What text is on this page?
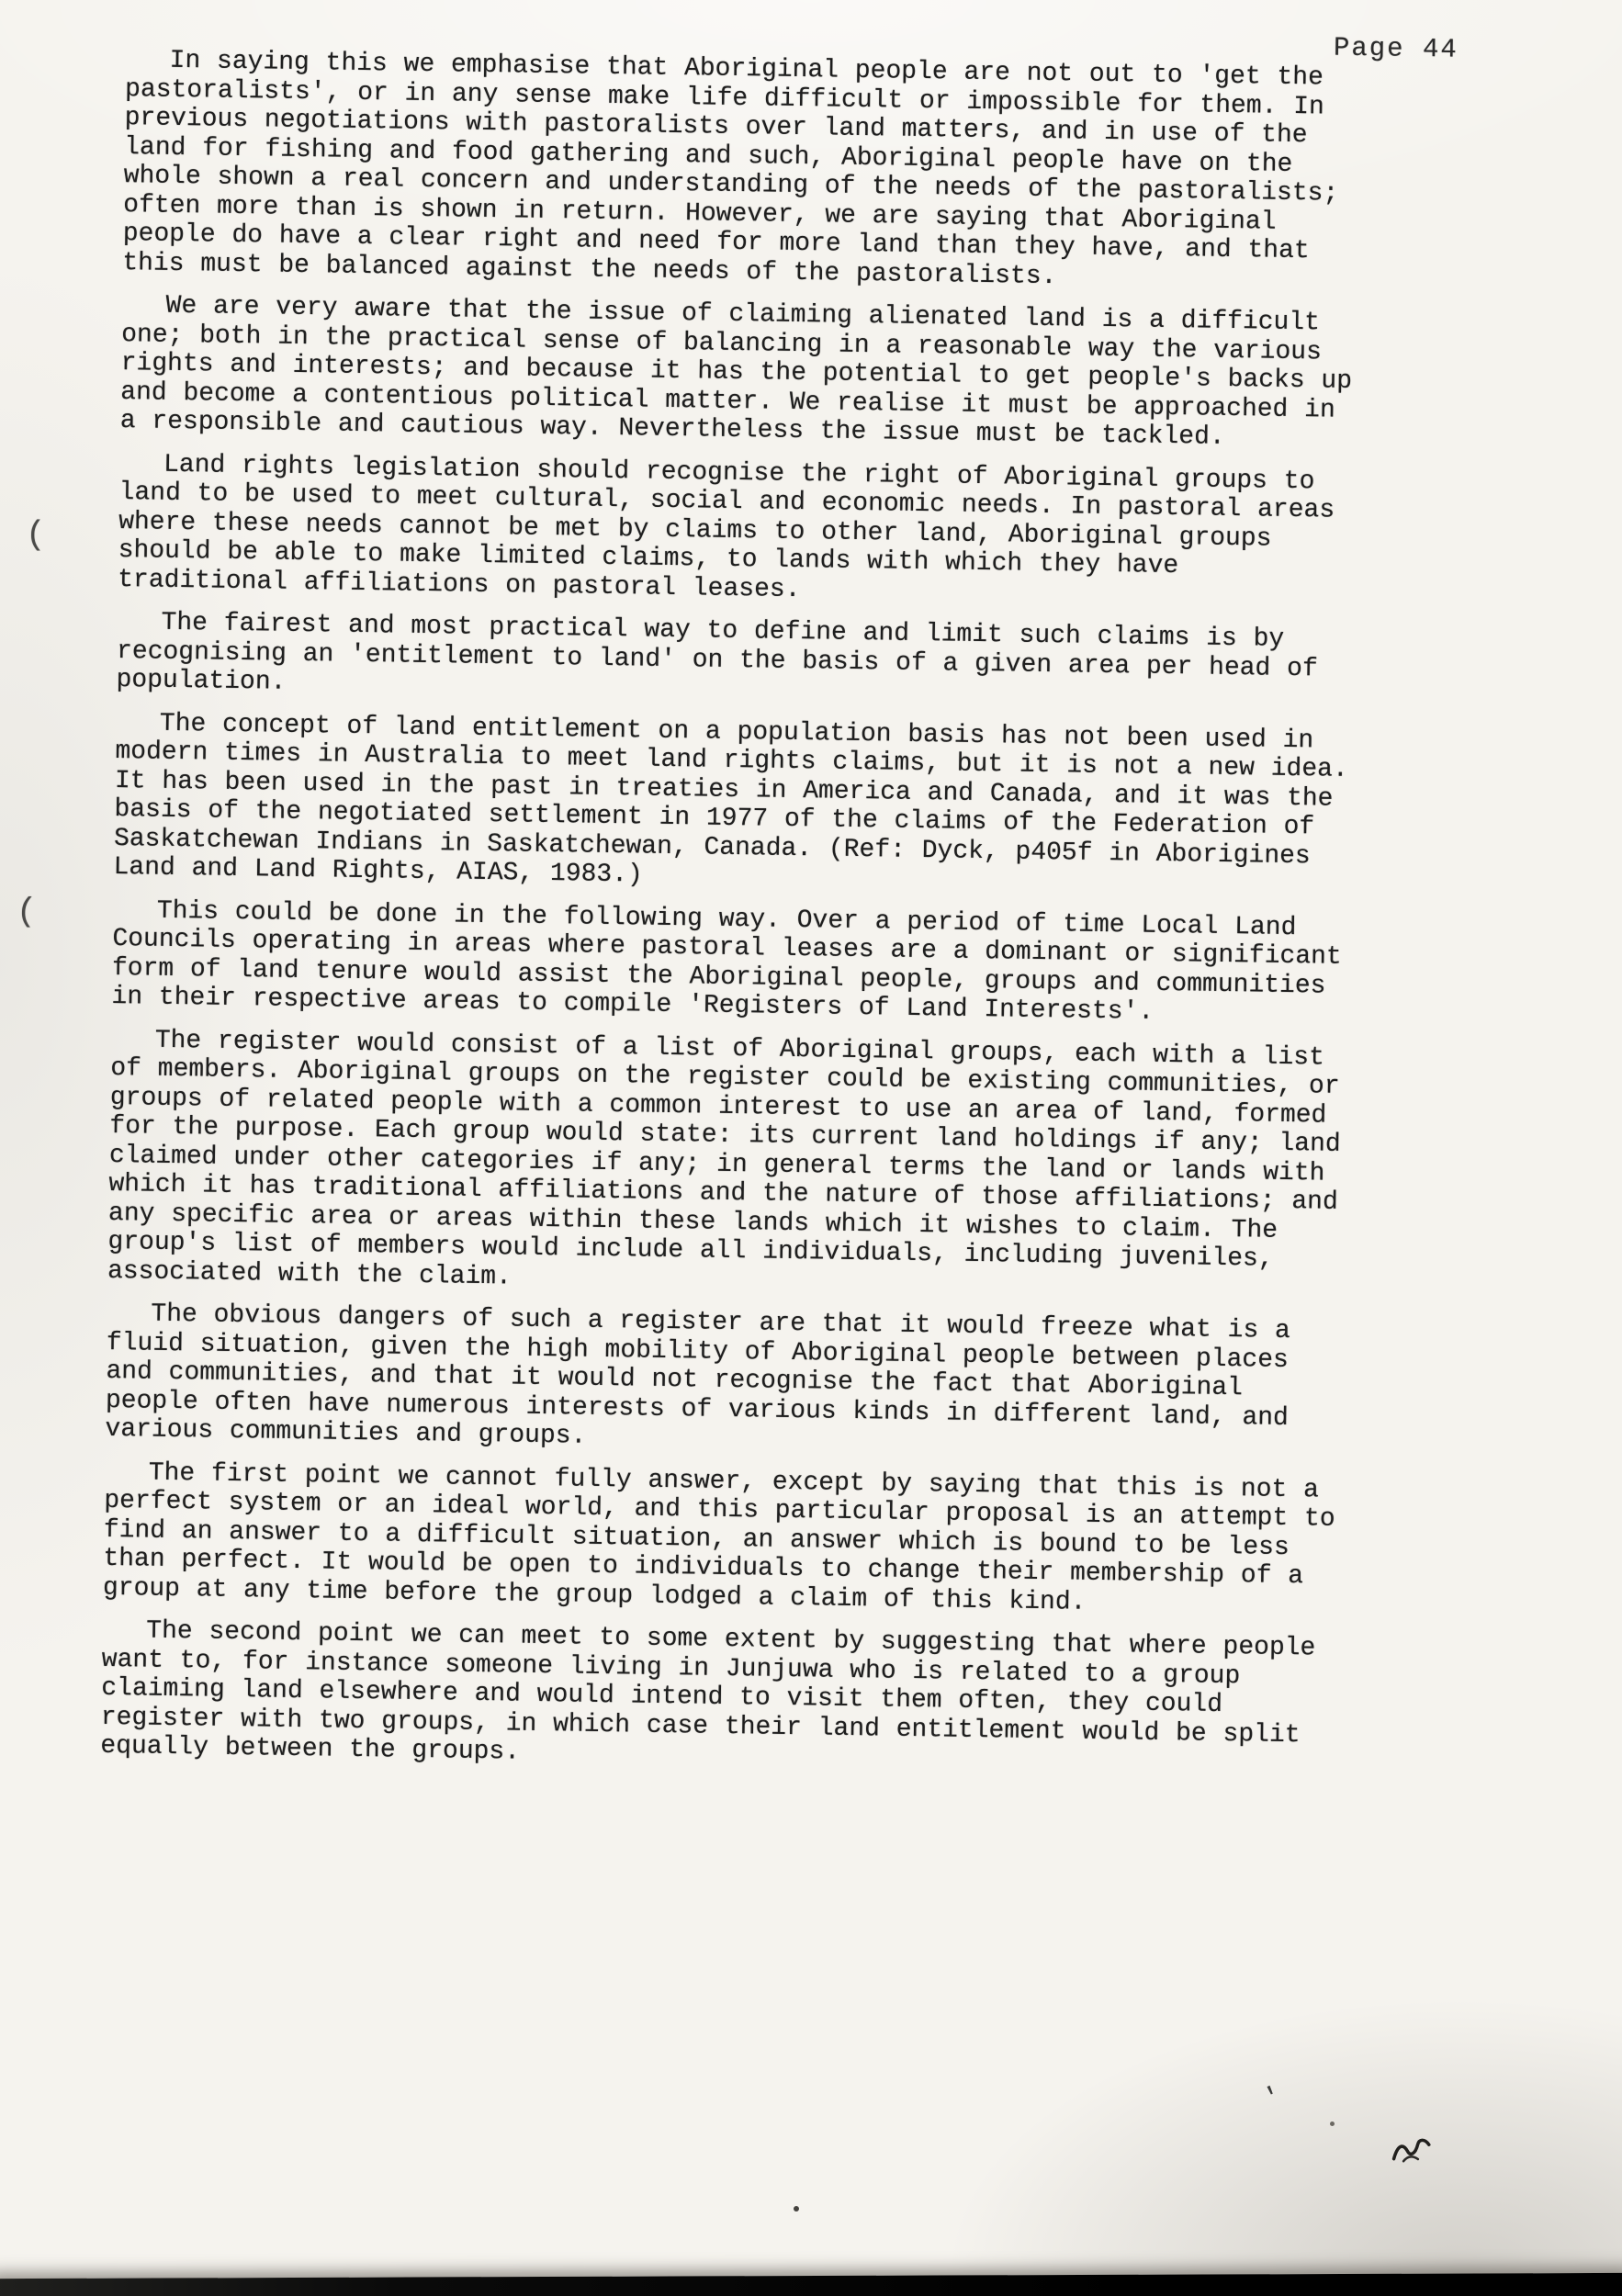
Page 44

In saying this we emphasise that Aboriginal people are not out to 'get the pastoralists', or in any sense make life difficult or impossible for them. In previous negotiations with pastoralists over land matters, and in use of the land for fishing and food gathering and such, Aboriginal people have on the whole shown a real concern and understanding of the needs of the pastoralists; often more than is shown in return. However, we are saying that Aboriginal people do have a clear right and need for more land than they have, and that this must be balanced against the needs of the pastoralists.

We are very aware that the issue of claiming alienated land is a difficult one; both in the practical sense of balancing in a reasonable way the various rights and interests; and because it has the potential to get people's backs up and become a contentious political matter. We realise it must be approached in a responsible and cautious way. Nevertheless the issue must be tackled.

Land rights legislation should recognise the right of Aboriginal groups to land to be used to meet cultural, social and economic needs. In pastoral areas where these needs cannot be met by claims to other land, Aboriginal groups should be able to make limited claims, to lands with which they have traditional affiliations on pastoral leases.

The fairest and most practical way to define and limit such claims is by recognising an 'entitlement to land' on the basis of a given area per head of population.

The concept of land entitlement on a population basis has not been used in modern times in Australia to meet land rights claims, but it is not a new idea. It has been used in the past in treaties in America and Canada, and it was the basis of the negotiated settlement in 1977 of the claims of the Federation of Saskatchewan Indians in Saskatchewan, Canada. (Ref: Dyck, p405f in Aborigines Land and Land Rights, AIAS, 1983.)

This could be done in the following way. Over a period of time Local Land Councils operating in areas where pastoral leases are a dominant or significant form of land tenure would assist the Aboriginal people, groups and communities in their respective areas to compile 'Registers of Land Interests'.

The register would consist of a list of Aboriginal groups, each with a list of members. Aboriginal groups on the register could be existing communities, or groups of related people with a common interest to use an area of land, formed for the purpose. Each group would state: its current land holdings if any; land claimed under other categories if any; in general terms the land or lands with which it has traditional affiliations and the nature of those affiliations; and any specific area or areas within these lands which it wishes to claim. The group's list of members would include all individuals, including juveniles, associated with the claim.

The obvious dangers of such a register are that it would freeze what is a fluid situation, given the high mobility of Aboriginal people between places and communities, and that it would not recognise the fact that Aboriginal people often have numerous interests of various kinds in different land, and various communities and groups.

The first point we cannot fully answer, except by saying that this is not a perfect system or an ideal world, and this particular proposal is an attempt to find an answer to a difficult situation, an answer which is bound to be less than perfect. It would be open to individuals to change their membership of a group at any time before the group lodged a claim of this kind.

The second point we can meet to some extent by suggesting that where people want to, for instance someone living in Junjuwa who is related to a group claiming land elsewhere and would intend to visit them often, they could register with two groups, in which case their land entitlement would be split equally between the groups.

(
(
'
